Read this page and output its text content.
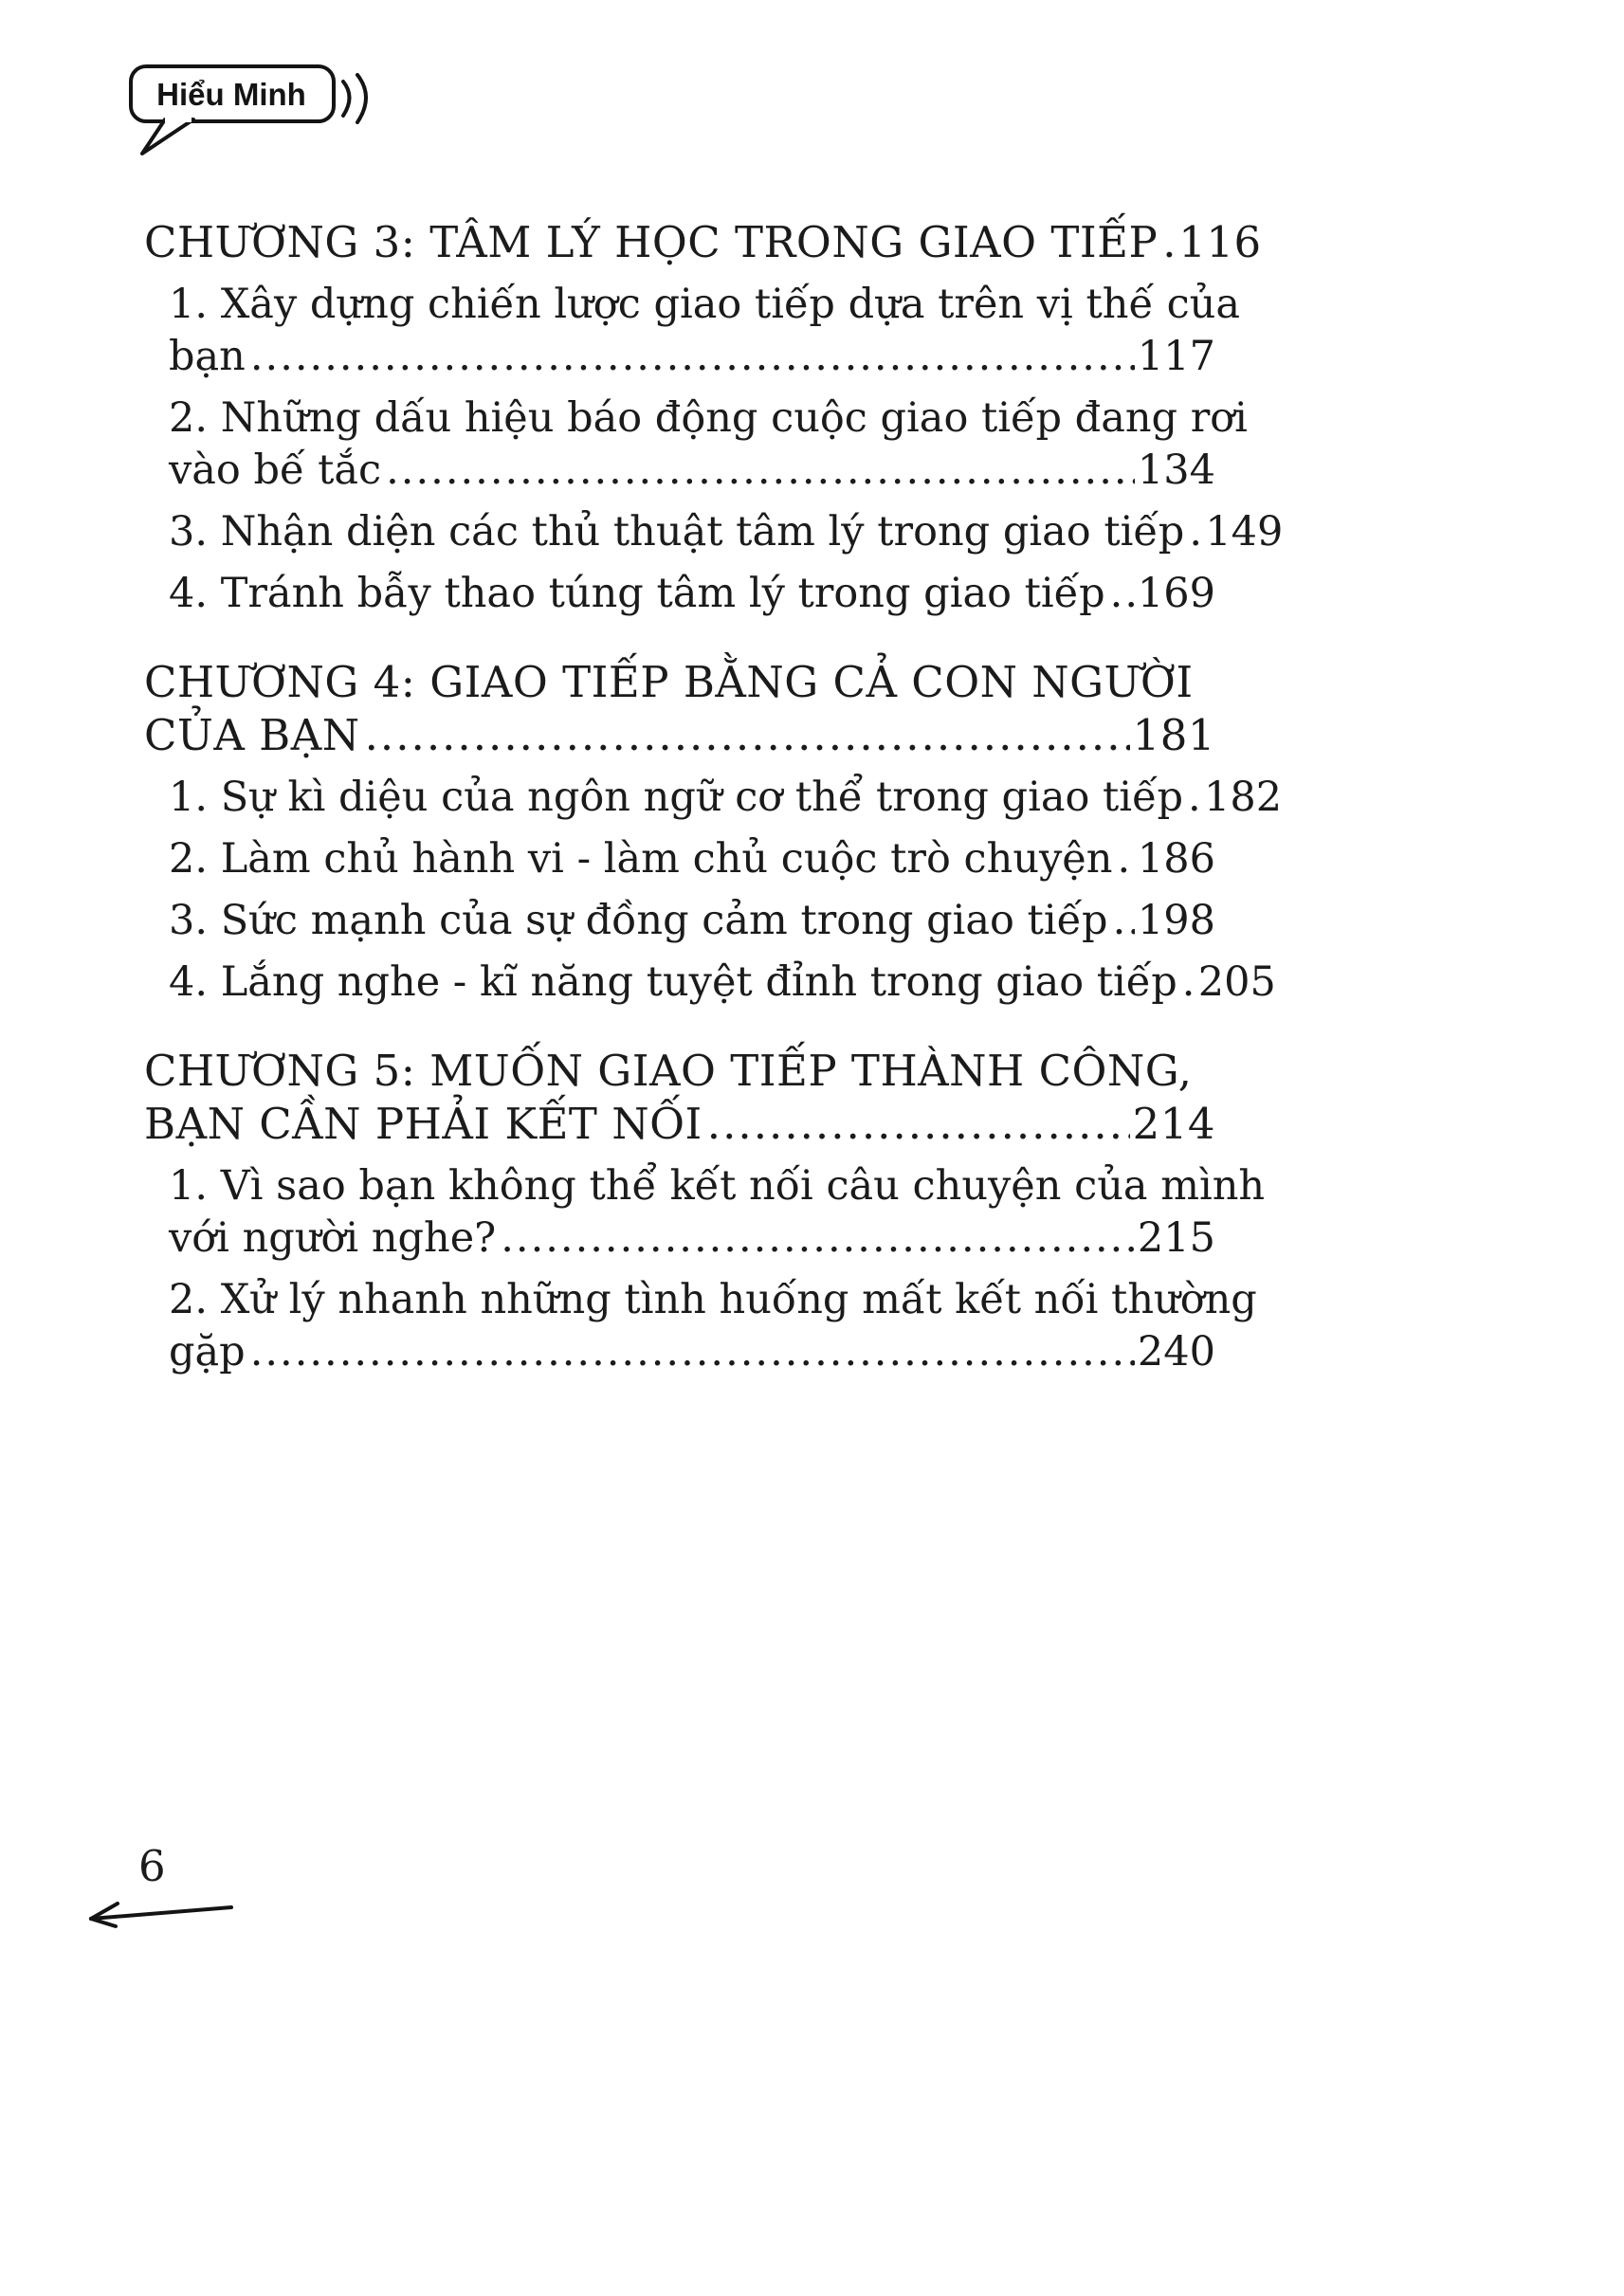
Hiểu Minh
CHƯƠNG 3: TÂM LÝ HỌC TRONG GIAO TIẾP ..... 116
1. Xây dựng chiến lược giao tiếp dựa trên vị thế của
bạn .....	117
2. Những dấu hiệu báo động cuộc giao tiếp đang rơi
vào bế tắc .....	134
3. Nhận diện các thủ thuật tâm lý trong giao tiếp ..... 149
4. Tránh bẫy thao túng tâm lý trong giao tiếp ..... 169
CHƯƠNG 4: GIAO TIẾP BẰNG CẢ CON NGƯỜI
CỦA BẠN .....	181
1. Sự kì diệu của ngôn ngữ cơ thể trong giao tiếp ..... 182
2. Làm chủ hành vi - làm chủ cuộc trò chuyện ..... 186
3. Sức mạnh của sự đồng cảm trong giao tiếp ..... 198
4. Lắng nghe - kĩ năng tuyệt đỉnh trong giao tiếp ..... 205
CHƯƠNG 5: MUỐN GIAO TIẾP THÀNH CÔNG,
BẠN CẦN PHẢI KẾT NỐI .....	214
1. Vì sao bạn không thể kết nối câu chuyện của mình
với người nghe? .....	215
2. Xử lý nhanh những tình huống mất kết nối thường
gặp .....	240
6
